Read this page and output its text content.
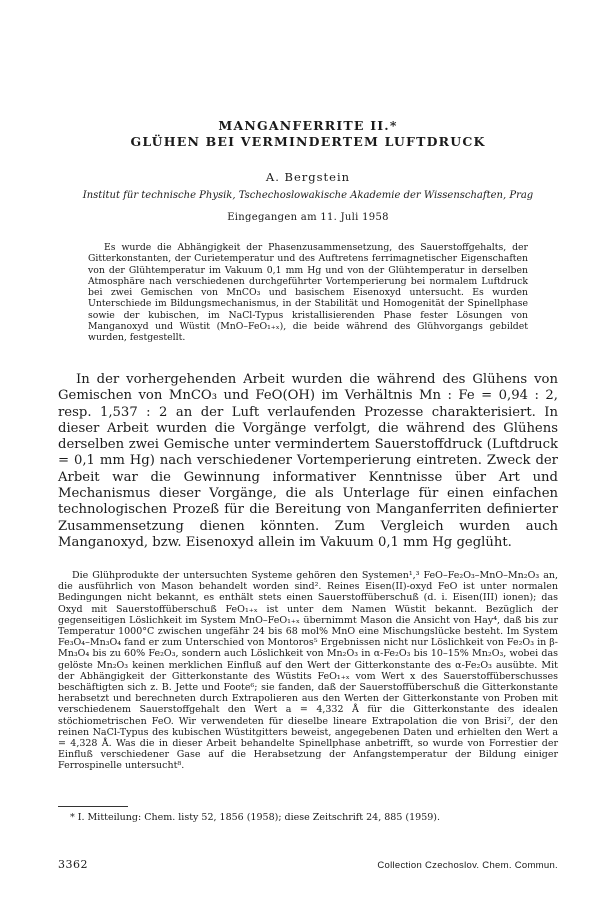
MANGANFERRITE II.*
GLÜHEN BEI VERMINDERTEM LUFTDRUCK
A. Bergstein
Institut für technische Physik, Tschechoslowakische Akademie der Wissenschaften, Prag
Eingegangen am 11. Juli 1958

Es wurde die Abhängigkeit der Phasenzusammensetzung, des Sauerstoffgehalts, der Gitterkonstanten, der Curietemperatur und des Auftretens ferrimagnetischer Eigenschaften von der Glühtemperatur im Vakuum 0,1 mm Hg und von der Glühtemperatur in derselben Atmosphäre nach verschiedenen durchgeführter Vortemperierung bei normalem Luftdruck bei zwei Gemischen von MnCO₃ und basischem Eisenoxyd untersucht. Es wurden Unterschiede im Bildungsmechanismus, in der Stabilität und Homogenität der Spinellphase sowie der kubischen, im NaCl-Typus kristallisierenden Phase fester Lösungen von Manganoxyd und Wüstit (MnO–FeO₁₊ₓ), die beide während des Glühvorgangs gebildet wurden, festgestellt.

In der vorhergehenden Arbeit wurden die während des Glühens von Gemischen von MnCO₃ und FeO(OH) im Verhältnis Mn : Fe = 0,94 : 2, resp. 1,537 : 2 an der Luft verlaufenden Prozesse charakterisiert. In dieser Arbeit wurden die Vorgänge verfolgt, die während des Glühens derselben zwei Gemische unter vermindertem Sauerstoffdruck (Luftdruck = 0,1 mm Hg) nach verschiedener Vortemperierung eintreten. Zweck der Arbeit war die Gewinnung informativer Kenntnisse über Art und Mechanismus dieser Vorgänge, die als Unterlage für einen einfachen technologischen Prozeß für die Bereitung von Manganferriten definierter Zusammensetzung dienen könnten. Zum Vergleich wurden auch Manganoxyd, bzw. Eisenoxyd allein im Vakuum 0,1 mm Hg geglüht.

Die Glühprodukte der untersuchten Systeme gehören den Systemen¹,³ FeO–Fe₂O₃–MnO–Mn₂O₃ an, die ausführlich von Mason behandelt worden sind². Reines Eisen(II)-oxyd FeO ist unter normalen Bedingungen nicht bekannt, es enthält stets einen Sauerstoffüberschuß (d. i. Eisen(III) ionen); das Oxyd mit Sauerstoffüberschuß FeO₁₊ₓ ist unter dem Namen Wüstit bekannt. Bezüglich der gegenseitigen Löslichkeit im System MnO–FeO₁₊ₓ übernimmt Mason die Ansicht von Hay⁴, daß bis zur Temperatur 1000°C zwischen ungefähr 24 bis 68 mol% MnO eine Mischungslücke besteht. Im System Fe₃O₄–Mn₃O₄ fand er zum Unterschied von Montoros⁵ Ergebnissen nicht nur Löslichkeit von Fe₂O₃ in β-Mn₃O₄ bis zu 60% Fe₂O₃, sondern auch Löslichkeit von Mn₂O₃ in α-Fe₂O₃ bis 10–15% Mn₂O₃, wobei das gelöste Mn₂O₃ keinen merklichen Einfluß auf den Wert der Gitterkonstante des α-Fe₂O₃ ausübte. Mit der Abhängigkeit der Gitterkonstante des Wüstits FeO₁₊ₓ vom Wert x des Sauerstoffüberschusses beschäftigten sich z. B. Jette und Foote⁶; sie fanden, daß der Sauerstoffüberschuß die Gitterkonstante herabsetzt und berechneten durch Extrapolieren aus den Werten der Gitterkonstante von Proben mit verschiedenem Sauerstoffgehalt den Wert a = 4,332 Å für die Gitterkonstante des idealen stöchiometrischen FeO. Wir verwendeten für dieselbe lineare Extrapolation die von Brisi⁷, der den reinen NaCl-Typus des kubischen Wüstitgitters beweist, angegebenen Daten und erhielten den Wert a = 4,328 Å. Was die in dieser Arbeit behandelte Spinellphase anbetrifft, so wurde von Forrestier der Einfluß verschiedener Gase auf die Herabsetzung der Anfangstemperatur der Bildung einiger Ferrospinelle untersucht⁸.

* I. Mitteilung: Chem. listy 52, 1856 (1958); diese Zeitschrift 24, 885 (1959).
3362	Collection Czechoslov. Chem. Commun.
